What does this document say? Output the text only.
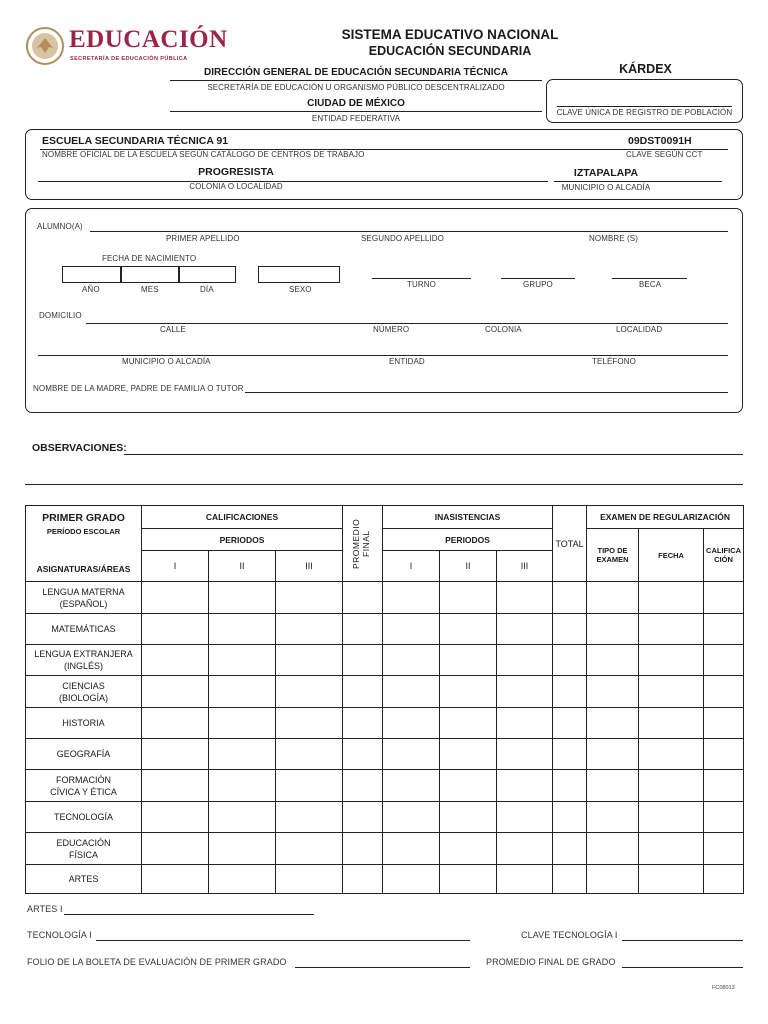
EDUCACIÓN
SECRETARÍA DE EDUCACIÓN PÚBLICA
SISTEMA EDUCATIVO NACIONAL
EDUCACIÓN SECUNDARIA
DIRECCIÓN GENERAL DE EDUCACIÓN SECUNDARIA TÉCNICA
SECRETARÍA DE EDUCACIÓN U ORGANISMO PÚBLICO DESCENTRALIZADO
CIUDAD DE MÉXICO
ENTIDAD FEDERATIVA
KÁRDEX
CLAVE ÚNICA DE REGISTRO DE POBLACIÓN
ESCUELA SECUNDARIA TÉCNICA 91	09DST0091H
NOMBRE OFICIAL DE LA ESCUELA SEGÚN CATÁLOGO DE CENTROS DE TRABAJO	CLAVE SEGÚN CCT
PROGRESISTA
COLONIA O LOCALIDAD
IZTAPALAPA
MUNICIPIO O ALCADÍA
ALUMNO(A)
PRIMER APELLIDO	SEGUNDO APELLIDO	NOMBRE (S)
FECHA DE NACIMIENTO
AÑO	MES	DÍA	SEXO
TURNO	GRUPO	BECA
DOMICILIO
CALLE	NÚMERO	COLONIA	LOCALIDAD
MUNICIPIO O ALCADÍA	ENTIDAD	TELÉFONO
NOMBRE DE LA MADRE, PADRE DE FAMILIA O TUTOR
OBSERVACIONES:
PRIMER GRADO
PERÍODO ESCOLAR	CALIFICACIONES			PROMEDIO FINAL	INASISTENCIAS			TOTAL	EXAMEN DE REGULARIZACIÓN		
	PERIODOS				PERIODOS				TIPO DE EXAMEN	FECHA	CALIFICA CIÓN
ASIGNATURAS/ÁREAS	I	II	III		I	II	III				

LENGUA MATERNA
(ESPAÑOL)											

MATEMÁTICAS											

LENGUA EXTRANJERA
(INGLÉS)											

CIENCIAS
(BIOLOGÍA)											

HISTORIA											

GEOGRAFÍA											

FORMACIÓN
CÍVICA Y ÉTICA											

TECNOLOGÍA											

EDUCACIÓN
FÍSICA											

ARTES											

ARTES I
TECNOLOGÍA I	CLAVE TECNOLOGÍA I
FOLIO DE LA BOLETA DE EVALUACIÓN DE PRIMER GRADO	PROMEDIO FINAL DE GRADO
FC08013
